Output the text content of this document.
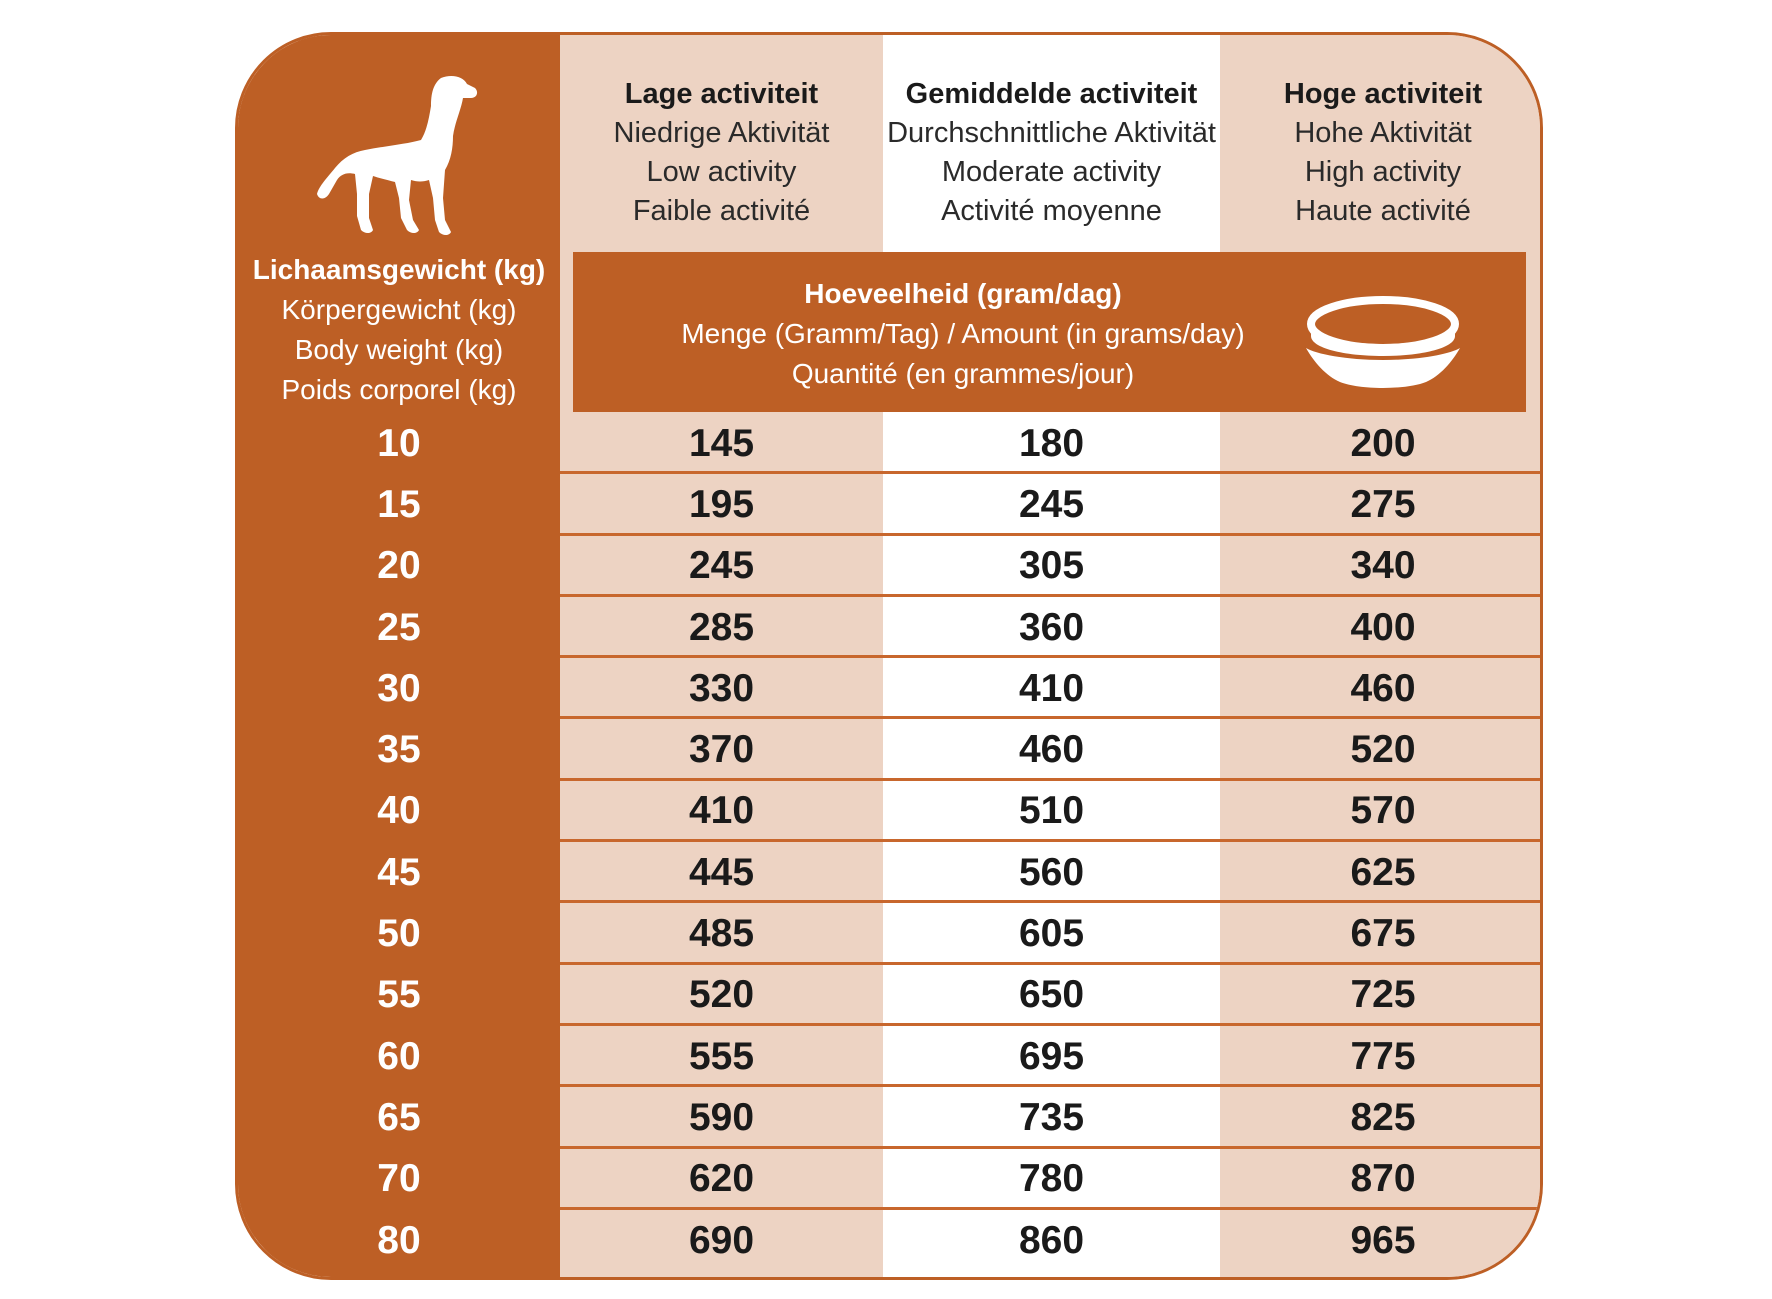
Lage activiteit
Niedrige Aktivität
Low activity
Faible activité
Gemiddelde activiteit
Durchschnittliche Aktivität
Moderate activity
Activité moyenne
Hoge activiteit
Hohe Aktivität
High activity
Haute activité
Lichaamsgewicht (kg)
Körpergewicht (kg)
Body weight (kg)
Poids corporel (kg)
Hoeveelheid (gram/dag)
Menge (Gramm/Tag) / Amount (in grams/day)
Quantité (en grammes/jour)
10	145	180	200
15	195	245	275
20	245	305	340
25	285	360	400
30	330	410	460
35	370	460	520
40	410	510	570
45	445	560	625
50	485	605	675
55	520	650	725
60	555	695	775
65	590	735	825
70	620	780	870
80	690	860	965
